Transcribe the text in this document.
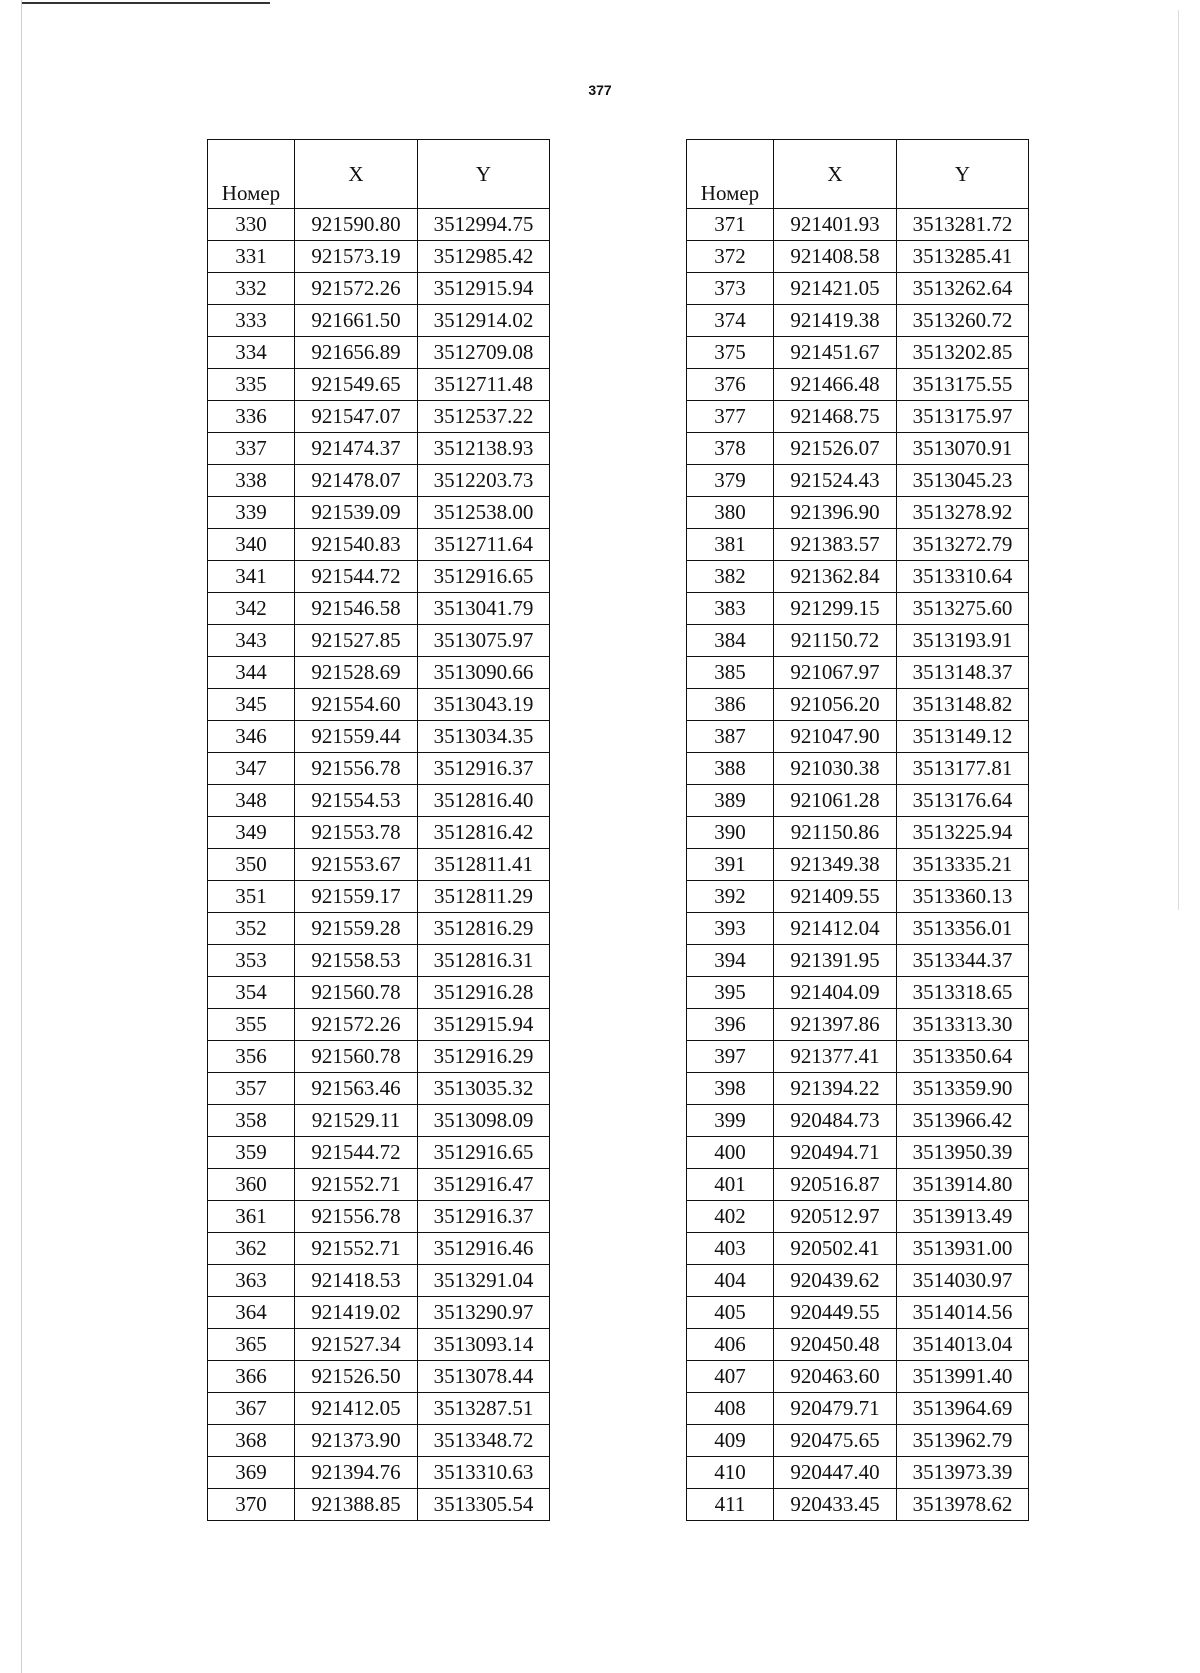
377
Номер	X	Y
330	921590.80	3512994.75
331	921573.19	3512985.42
332	921572.26	3512915.94
333	921661.50	3512914.02
334	921656.89	3512709.08
335	921549.65	3512711.48
336	921547.07	3512537.22
337	921474.37	3512138.93
338	921478.07	3512203.73
339	921539.09	3512538.00
340	921540.83	3512711.64
341	921544.72	3512916.65
342	921546.58	3513041.79
343	921527.85	3513075.97
344	921528.69	3513090.66
345	921554.60	3513043.19
346	921559.44	3513034.35
347	921556.78	3512916.37
348	921554.53	3512816.40
349	921553.78	3512816.42
350	921553.67	3512811.41
351	921559.17	3512811.29
352	921559.28	3512816.29
353	921558.53	3512816.31
354	921560.78	3512916.28
355	921572.26	3512915.94
356	921560.78	3512916.29
357	921563.46	3513035.32
358	921529.11	3513098.09
359	921544.72	3512916.65
360	921552.71	3512916.47
361	921556.78	3512916.37
362	921552.71	3512916.46
363	921418.53	3513291.04
364	921419.02	3513290.97
365	921527.34	3513093.14
366	921526.50	3513078.44
367	921412.05	3513287.51
368	921373.90	3513348.72
369	921394.76	3513310.63
370	921388.85	3513305.54
Номер	X	Y
371	921401.93	3513281.72
372	921408.58	3513285.41
373	921421.05	3513262.64
374	921419.38	3513260.72
375	921451.67	3513202.85
376	921466.48	3513175.55
377	921468.75	3513175.97
378	921526.07	3513070.91
379	921524.43	3513045.23
380	921396.90	3513278.92
381	921383.57	3513272.79
382	921362.84	3513310.64
383	921299.15	3513275.60
384	921150.72	3513193.91
385	921067.97	3513148.37
386	921056.20	3513148.82
387	921047.90	3513149.12
388	921030.38	3513177.81
389	921061.28	3513176.64
390	921150.86	3513225.94
391	921349.38	3513335.21
392	921409.55	3513360.13
393	921412.04	3513356.01
394	921391.95	3513344.37
395	921404.09	3513318.65
396	921397.86	3513313.30
397	921377.41	3513350.64
398	921394.22	3513359.90
399	920484.73	3513966.42
400	920494.71	3513950.39
401	920516.87	3513914.80
402	920512.97	3513913.49
403	920502.41	3513931.00
404	920439.62	3514030.97
405	920449.55	3514014.56
406	920450.48	3514013.04
407	920463.60	3513991.40
408	920479.71	3513964.69
409	920475.65	3513962.79
410	920447.40	3513973.39
411	920433.45	3513978.62
